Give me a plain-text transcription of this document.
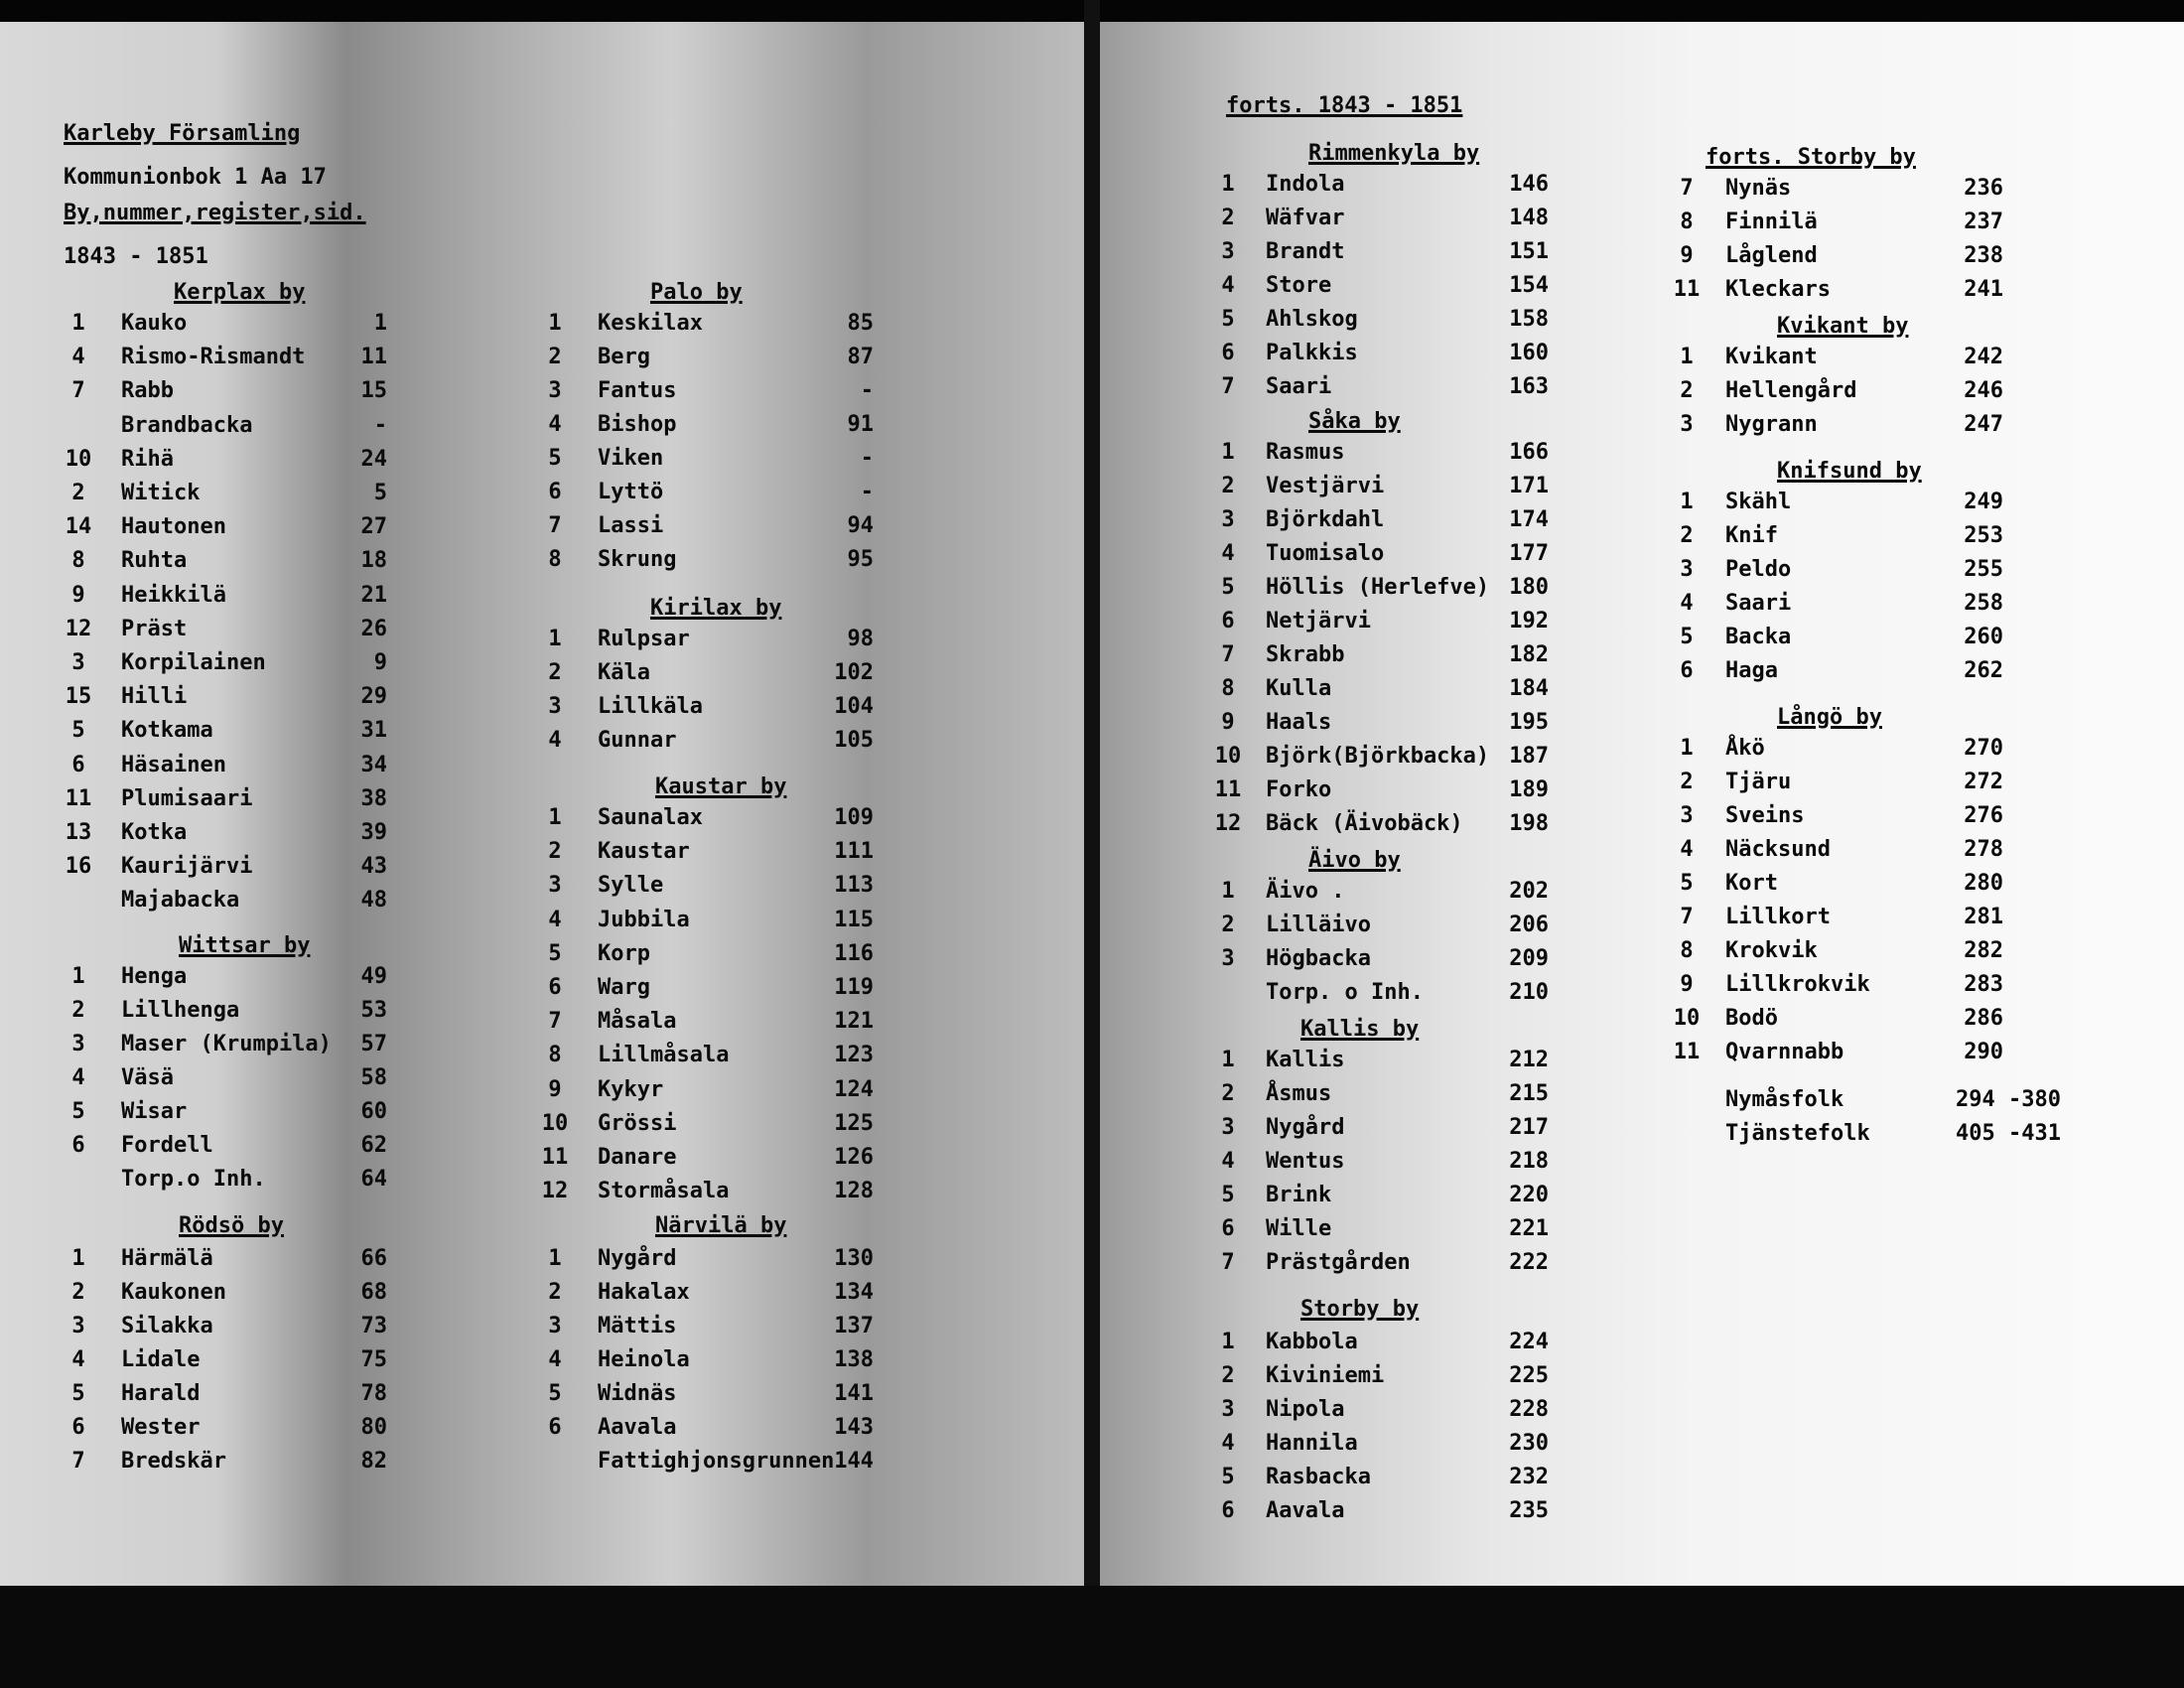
Karleby Församling
Kommunionbok 1 Aa 17
By,nummer,register,sid.
1843 - 1851
forts. 1843 - 1851
Kerplax by
1	Kauko	1
4	Rismo-Rismandt	11
7	Rabb	15
Brandbacka	-
10 Rihä	24
2	Witick	5
14 Hautonen	27
8	Ruhta	18
9	Heikkilä	21
12 Präst	26
3	Korpilainen	9
15 Hilli	29
5	Kotkama	31
6	Häsainen	34
11 Plumisaari	38
13 Kotka	39
16 Kaurijärvi	43
Majabacka	48
Wittsar by
1	Henga	49
2	Lillhenga	53
3	Maser (Krumpila)	57
4	Väsä	58
5	Wisar	60
6	Fordell	62
Torp.o Inh.	64
Rödsö by
1	Härmälä	66
2	Kaukonen	68
3	Silakka	73
4	Lidale	75
5	Harald	78
6	Wester	80
7	Bredskär	82
Palo by
1	Keskilax	85
2	Berg	87
3	Fantus	-
4	Bishop	91
5	Viken	-
6	Lyttö	-
7	Lassi	94
8	Skrung	95
Kirilax by
1	Rulpsar	98
2	Käla	102
3	Lillkäla	104
4	Gunnar	105
Kaustar by
1	Saunalax	109
2	Kaustar	111
3	Sylle	113
4	Jubbila	115
5	Korp	116
6	Warg	119
7	Måsala	121
8	Lillmåsala	123
9	Kykyr	124
10 Grössi	125
11 Danare	126
12 Stormåsala	128
Närvilä by
1	Nygård	130
2	Hakalax	134
3	Mättis	137
4	Heinola	138
5	Widnäs	141
6	Aavala	143
Fattighjonsgrunnen 144
Rimmenkyla by
1	Indola	146
2	Wäfvar	148
3	Brandt	151
4	Store	154
5	Ahlskog	158
6	Palkkis	160
7	Saari	163
Såka by
1	Rasmus	166
2	Vestjärvi	171
3	Björkdahl	174
4	Tuomisalo	177
5	Höllis (Herlefve) 180
6	Netjärvi	192
7	Skrabb	182
8	Kulla	184
9	Haals	195
10 Björk(Björkbacka) 187
11 Forko	189
12 Bäck (Äivobäck)	198
Äivo by
1	Äivo .	202
2	Lilläivo	206
3	Högbacka	209
Torp. o Inh.	210
Kallis by
1	Kallis	212
2	Åsmus	215
3	Nygård	217
4	Wentus	218
5	Brink	220
6	Wille	221
7	Prästgården	222
Storby by
1	Kabbola	224
2	Kiviniemi	225
3	Nipola	228
4	Hannila	230
5	Rasbacka	232
6	Aavala	235
forts. Storby by
7	Nynäs	236
8	Finnilä	237
9	Låglend	238
11 Kleckars	241
Kvikant by
1	Kvikant	242
2	Hellengård	246
3	Nygrann	247
Knifsund by
1	Skähl	249
2	Knif	253
3	Peldo	255
4	Saari	258
5	Backa	260
6	Haga	262
Långö by
1	Åkö	270
2	Tjäru	272
3	Sveins	276
4	Näcksund	278
5	Kort	280
7	Lillkort	281
8	Krokvik	282
9	Lillkrokvik	283
10 Bodö	286
11 Qvarnnabb	290
Nymåsfolk	294 -380
Tjänstefolk	405 -431
